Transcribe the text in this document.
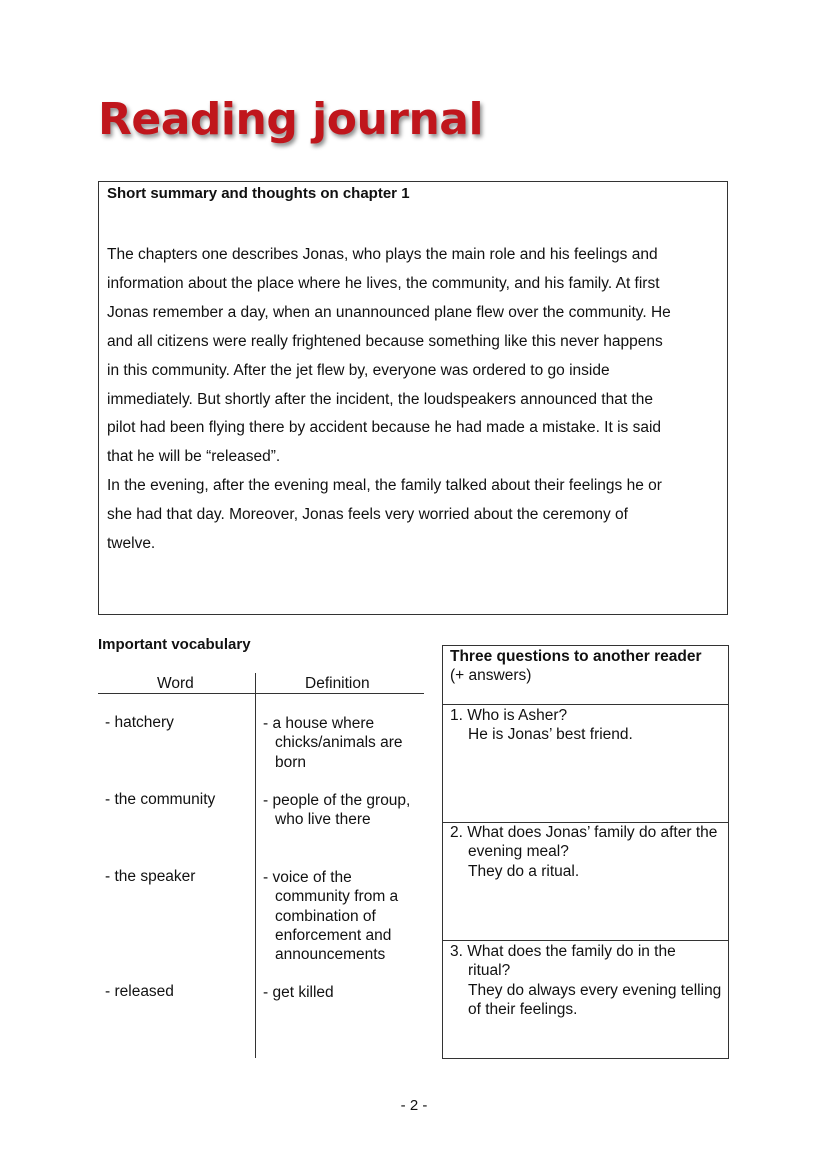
Reading journal
Short summary and thoughts on chapter 1

The chapters one describes Jonas, who plays the main role and his feelings and

information about the place where he lives, the community, and his family. At first

Jonas remember a day, when an unannounced plane flew over the community. He

and all citizens were really frightened because something like this never happens

in this community. After the jet flew by, everyone was ordered to go inside

immediately. But shortly after the incident, the loudspeakers announced that the

pilot had been flying there by accident because he had made a mistake. It is said

that he will be “released”.

In the evening, after the evening meal, the family talked about their feelings he or

she had that day. Moreover, Jonas feels very worried about the ceremony of

twelve.

Important vocabulary
Word	Definition
- hatchery	- a house where chicks/animals are born
- the community	- people of the group, who live there
- the speaker	- voice of the community from a combination of enforcement and announcements
- released	- get killed
Three questions to another reader
(+ answers)
1. Who is Asher?
He is Jonas’ best friend.
2. What does Jonas’ family do after the evening meal?
They do a ritual.
3. What does the family do in the ritual?
They do always every evening telling of their feelings.
- 2 -
